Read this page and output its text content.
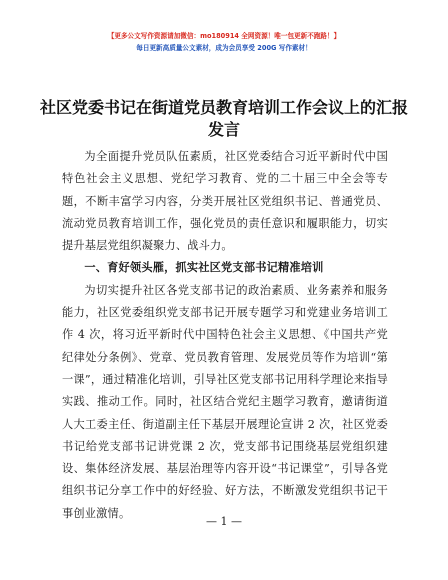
【更多公文写作资源请加微信：mo180914 全网资源！唯一包更新不跑路！】
每日更新高质量公文素材，成为会员享受 200G 写作素材！
社区党委书记在街道党员教育培训工作会议上的汇报发言

为全面提升党员队伍素质，社区党委结合习近平新时代中国特色社会主义思想、党纪学习教育、党的二十届三中全会等专题，不断丰富学习内容，分类开展社区党组织书记、普通党员、流动党员教育培训工作，强化党员的责任意识和履职能力，切实提升基层党组织凝聚力、战斗力。

一、育好领头雁，抓实社区党支部书记精准培训

为切实提升社区各党支部书记的政治素质、业务素养和服务能力，社区党委组织党支部书记开展专题学习和党建业务培训工作 4 次，将习近平新时代中国特色社会主义思想、《中国共产党纪律处分条例》、党章、党员教育管理、发展党员等作为培训“第一课”，通过精准化培训，引导社区党支部书记用科学理论来指导实践、推动工作。同时，社区结合党纪主题学习教育，邀请街道人大工委主任、街道副主任下基层开展理论宣讲 2 次，社区党委书记给党支部书记讲党课 2 次，党支部书记围绕基层党组织建设、集体经济发展、基层治理等内容开设“书记课堂”，引导各党组织书记分享工作中的好经验、好方法，不断激发党组织书记干事创业激情。

— 1 —
